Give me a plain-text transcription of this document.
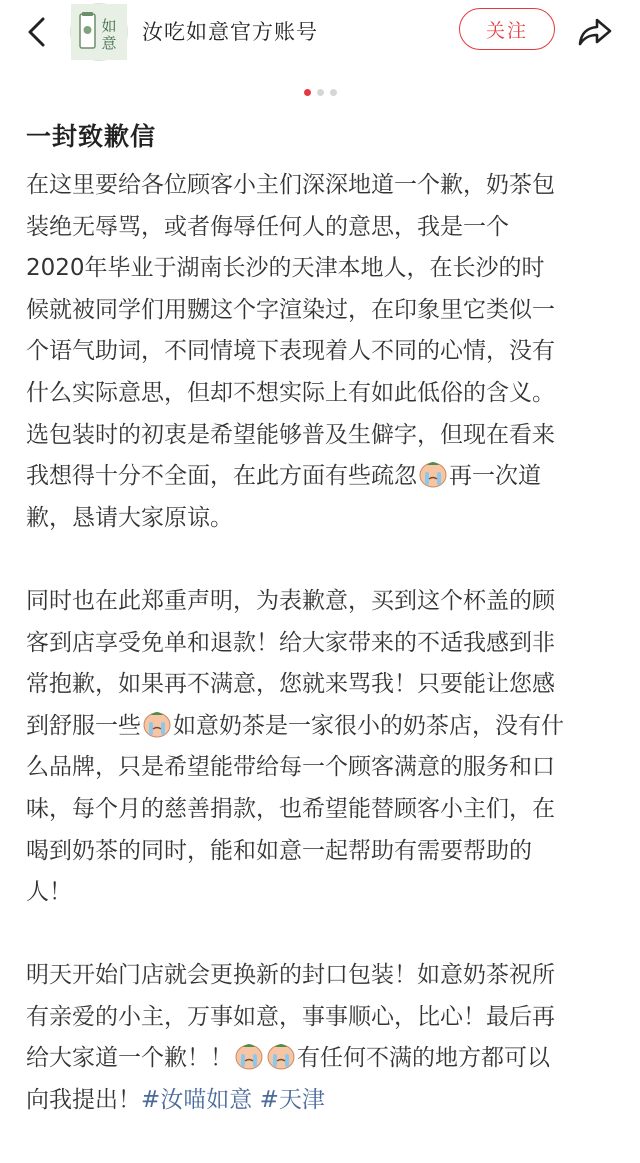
如
意 汝吃如意官方账号	关注
一封致歉信
在这里要给各位顾客小主们深深地道一个歉，奶茶包
装绝无辱骂，或者侮辱任何人的意思，我是一个
2020年毕业于湖南长沙的天津本地人，在长沙的时
候就被同学们用嬲这个字渲染过，在印象里它类似一
个语气助词，不同情境下表现着人不同的心情，没有
什么实际意思，但却不想实际上有如此低俗的含义。
选包装时的初衷是希望能够普及生僻字，但现在看来
我想得十分不全面，在此方面有些疏忽 再一次道
歉，恳请大家原谅。
同时也在此郑重声明，为表歉意，买到这个杯盖的顾
客到店享受免单和退款！给大家带来的不适我感到非
常抱歉，如果再不满意，您就来骂我！只要能让您感
到舒服一些 如意奶茶是一家很小的奶茶店，没有什
么品牌，只是希望能带给每一个顾客满意的服务和口
味，每个月的慈善捐款，也希望能替顾客小主们，在
喝到奶茶的同时，能和如意一起帮助有需要帮助的
人！
明天开始门店就会更换新的封口包装！如意奶茶祝所
有亲爱的小主，万事如意，事事顺心，比心！最后再
给大家道一个歉！！	有任何不满的地方都可以
向我提出！#汝喵如意 #天津
